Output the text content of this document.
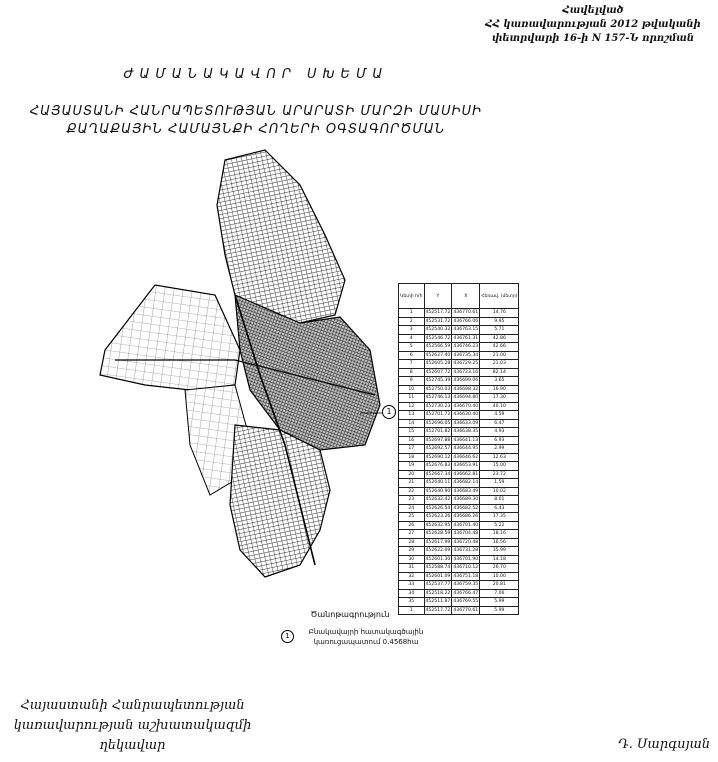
Հավելված
ՀՀ կառավարության 2012 թվականի
փետրվարի 16-ի N 157-Ն որոշման
ԺԱՄԱՆԱԿԱՎՈՐ ՍԽԵՄԱ
ՀԱՅԱՍՏԱՆԻ ՀԱՆՐԱՊԵՏՈՒԹՅԱՆ ԱՐԱՐԱՏԻ ՄԱՐԶԻ ՄԱՍԻՍԻ
ՔԱՂԱՔԱՅԻՆ ՀԱՄԱՅՆՔԻ ՀՈՂԵՐԻ ՕԳՏԱԳՈՐԾՄԱՆ
1
Կետի հ/հ	Y	X	Հեռավ. (մետր)
1	452517.72	436770.61	14.76
2	452531.72	436766.06	9.95
3	452540.32	436763.15	5.71
4	452546.72	436761.31	42.86
5	452566.59	436746.23	42.66
6	452627.40	436735.34	21.00
7	452605.28	436729.25	21.03
8	452607.72	436723.16	82.14
9	452745.39	436699.06	3.65
10	452750.03	436698.32	16.90
11	452746.13	436694.80	17.30
12	452730.23	436670.40	40.10
13	452701.72	436630.40	4.59
14	452696.05	436633.09	6.47
15	452701.82	436638.35	4.93
16	452697.88	436641.13	6.93
17	452692.57	436644.95	2.99
18	452690.12	436646.62	12.63
19	452676.83	436653.91	15.00
20	452667.34	436662.81	23.72
21	452640.11	436682.14	1.59
22	452640.90	436683.49	10.02
23	452632.42	436689.30	8.01
24	452626.54	436682.52	6.43
25	452623.26	436686.26	17.35
26	452632.95	436701.40	5.22
27	452628.59	436704.48	18.16
28	452617.99	436720.48	16.56
29	452622.09	436731.28	35.99
30	452601.30	436701.90	14.18
31	452588.74	436710.12	26.70
32	452601.09	436751.18	10.00
33	452537.77	436759.35	20.81
34	452518.22	436766.47	7.06
35	452511.87	436769.55	5.99
1	452517.72	436770.61	5.99
Ծանոթագրություն
1	Բնակավայրի հատակագծային կառուցապատում 0.4568հա
Հայաստանի Հանրապետության
կառավարության աշխատակազմի
ղեկավար	Դ. Սարգսյան
